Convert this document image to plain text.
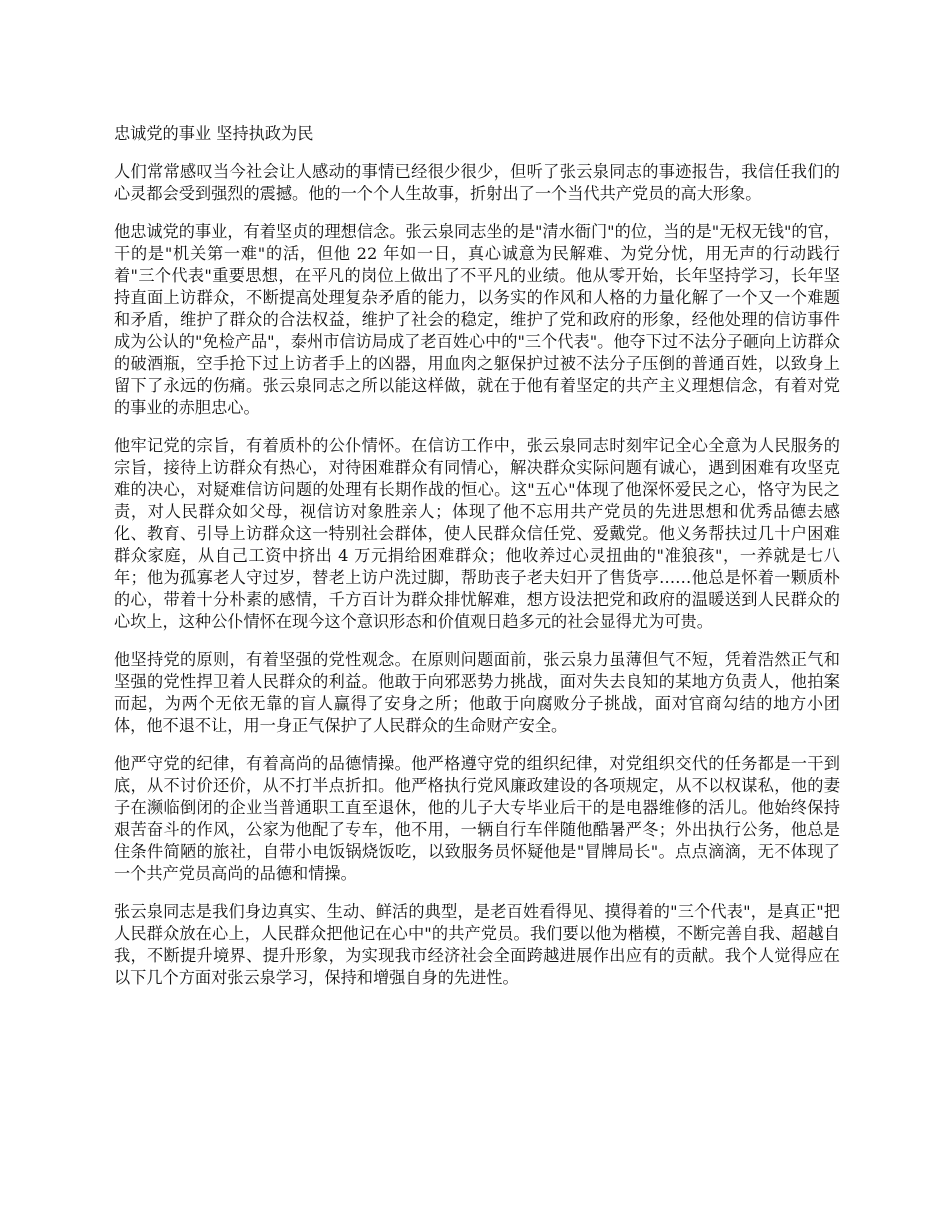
忠诚党的事业 坚持执政为民

人们常常感叹当今社会让人感动的事情已经很少很少，但听了张云泉同志的事迹报告，我信任我们的心灵都会受到强烈的震撼。他的一个个人生故事，折射出了一个当代共产党员的高大形象。

他忠诚党的事业，有着坚贞的理想信念。张云泉同志坐的是"清水衙门"的位，当的是"无权无钱"的官，干的是"机关第一难"的活，但他 22 年如一日，真心诚意为民解难、为党分忧，用无声的行动践行着"三个代表"重要思想，在平凡的岗位上做出了不平凡的业绩。他从零开始，长年坚持学习，长年坚持直面上访群众，不断提高处理复杂矛盾的能力，以务实的作风和人格的力量化解了一个又一个难题和矛盾，维护了群众的合法权益，维护了社会的稳定，维护了党和政府的形象，经他处理的信访事件成为公认的"免检产品"，泰州市信访局成了老百姓心中的"三个代表"。他夺下过不法分子砸向上访群众的破酒瓶，空手抢下过上访者手上的凶器，用血肉之躯保护过被不法分子压倒的普通百姓，以致身上留下了永远的伤痛。张云泉同志之所以能这样做，就在于他有着坚定的共产主义理想信念，有着对党的事业的赤胆忠心。

他牢记党的宗旨，有着质朴的公仆情怀。在信访工作中，张云泉同志时刻牢记全心全意为人民服务的宗旨，接待上访群众有热心，对待困难群众有同情心，解决群众实际问题有诚心，遇到困难有攻坚克难的决心，对疑难信访问题的处理有长期作战的恒心。这"五心"体现了他深怀爱民之心，恪守为民之责，对人民群众如父母，视信访对象胜亲人；体现了他不忘用共产党员的先进思想和优秀品德去感化、教育、引导上访群众这一特别社会群体，使人民群众信任党、爱戴党。他义务帮扶过几十户困难群众家庭，从自己工资中挤出 4 万元捐给困难群众；他收养过心灵扭曲的"准狼孩"，一养就是七八年；他为孤寡老人守过岁，替老上访户洗过脚，帮助丧子老夫妇开了售货亭……他总是怀着一颗质朴的心，带着十分朴素的感情，千方百计为群众排忧解难，想方设法把党和政府的温暖送到人民群众的心坎上，这种公仆情怀在现今这个意识形态和价值观日趋多元的社会显得尤为可贵。

他坚持党的原则，有着坚强的党性观念。在原则问题面前，张云泉力虽薄但气不短，凭着浩然正气和坚强的党性捍卫着人民群众的利益。他敢于向邪恶势力挑战，面对失去良知的某地方负责人，他拍案而起，为两个无依无靠的盲人赢得了安身之所；他敢于向腐败分子挑战，面对官商勾结的地方小团体，他不退不让，用一身正气保护了人民群众的生命财产安全。

他严守党的纪律，有着高尚的品德情操。他严格遵守党的组织纪律，对党组织交代的任务都是一干到底，从不讨价还价，从不打半点折扣。他严格执行党风廉政建设的各项规定，从不以权谋私，他的妻子在濒临倒闭的企业当普通职工直至退休，他的儿子大专毕业后干的是电器维修的活儿。他始终保持艰苦奋斗的作风，公家为他配了专车，他不用，一辆自行车伴随他酷暑严冬；外出执行公务，他总是住条件简陋的旅社，自带小电饭锅烧饭吃，以致服务员怀疑他是"冒牌局长"。点点滴滴，无不体现了一个共产党员高尚的品德和情操。

张云泉同志是我们身边真实、生动、鲜活的典型，是老百姓看得见、摸得着的"三个代表"，是真正"把人民群众放在心上，人民群众把他记在心中"的共产党员。我们要以他为楷模，不断完善自我、超越自我，不断提升境界、提升形象，为实现我市经济社会全面跨越进展作出应有的贡献。我个人觉得应在以下几个方面对张云泉学习，保持和增强自身的先进性。
